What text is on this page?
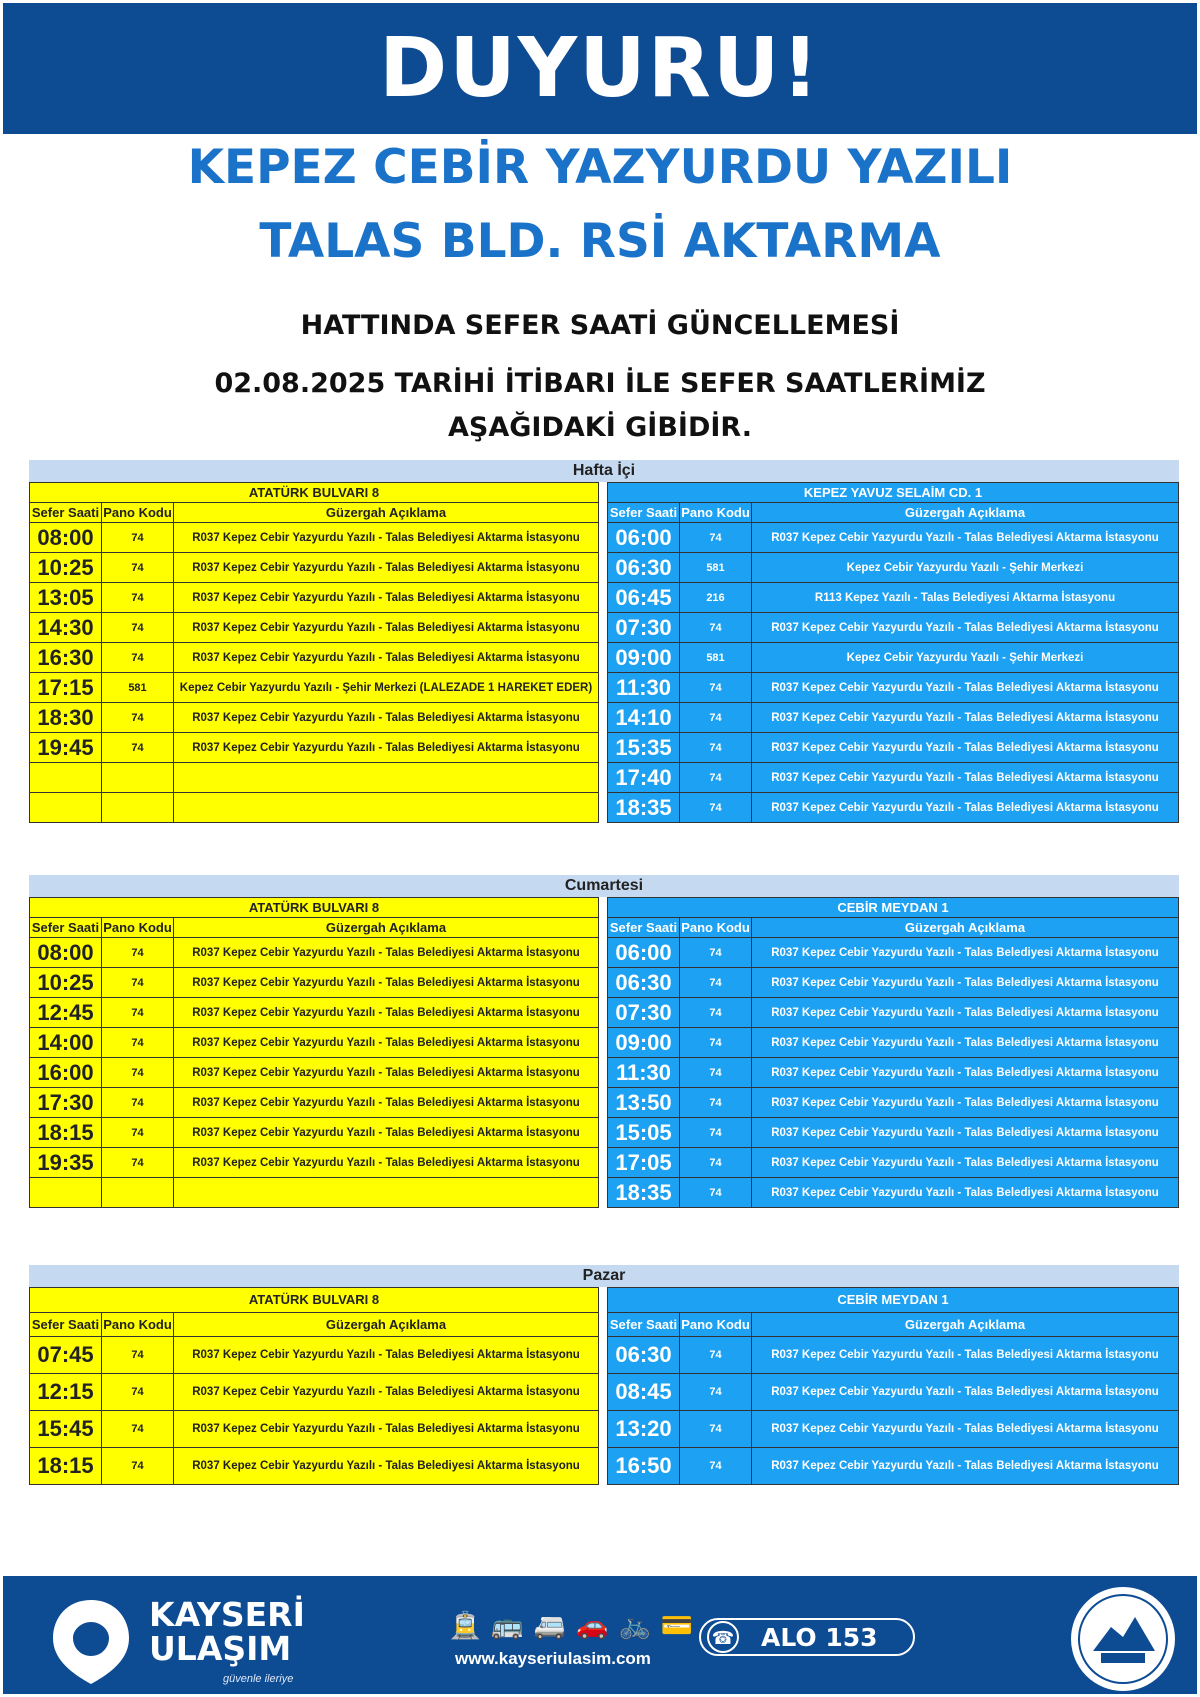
DUYURU!
KEPEZ CEBİR YAZYURDU YAZILI
TALAS BLD. RSİ AKTARMA
HATTINDA SEFER SAATİ GÜNCELLEMESİ
02.08.2025 TARİHİ İTİBARI İLE SEFER SAATLERİMİZ
AŞAĞIDAKİ GİBİDİR.
Hafta İçi
ATATÜRK BULVARI 8
Sefer Saati	Pano Kodu	Güzergah Açıklama
08:00	74	R037 Kepez Cebir Yazyurdu Yazılı - Talas Belediyesi Aktarma İstasyonu
10:25	74	R037 Kepez Cebir Yazyurdu Yazılı - Talas Belediyesi Aktarma İstasyonu
13:05	74	R037 Kepez Cebir Yazyurdu Yazılı - Talas Belediyesi Aktarma İstasyonu
14:30	74	R037 Kepez Cebir Yazyurdu Yazılı - Talas Belediyesi Aktarma İstasyonu
16:30	74	R037 Kepez Cebir Yazyurdu Yazılı - Talas Belediyesi Aktarma İstasyonu
17:15	581	Kepez Cebir Yazyurdu Yazılı - Şehir Merkezi (LALEZADE 1 HAREKET EDER)
18:30	74	R037 Kepez Cebir Yazyurdu Yazılı - Talas Belediyesi Aktarma İstasyonu
19:45	74	R037 Kepez Cebir Yazyurdu Yazılı - Talas Belediyesi Aktarma İstasyonu

KEPEZ YAVUZ SELAİM CD. 1
Sefer Saati	Pano Kodu	Güzergah Açıklama
06:00	74	R037 Kepez Cebir Yazyurdu Yazılı - Talas Belediyesi Aktarma İstasyonu
06:30	581	Kepez Cebir Yazyurdu Yazılı - Şehir Merkezi
06:45	216	R113 Kepez Yazılı - Talas Belediyesi Aktarma İstasyonu
07:30	74	R037 Kepez Cebir Yazyurdu Yazılı - Talas Belediyesi Aktarma İstasyonu
09:00	581	Kepez Cebir Yazyurdu Yazılı - Şehir Merkezi
11:30	74	R037 Kepez Cebir Yazyurdu Yazılı - Talas Belediyesi Aktarma İstasyonu
14:10	74	R037 Kepez Cebir Yazyurdu Yazılı - Talas Belediyesi Aktarma İstasyonu
15:35	74	R037 Kepez Cebir Yazyurdu Yazılı - Talas Belediyesi Aktarma İstasyonu
17:40	74	R037 Kepez Cebir Yazyurdu Yazılı - Talas Belediyesi Aktarma İstasyonu
18:35	74	R037 Kepez Cebir Yazyurdu Yazılı - Talas Belediyesi Aktarma İstasyonu
Cumartesi
ATATÜRK BULVARI 8
Sefer Saati	Pano Kodu	Güzergah Açıklama
08:00	74	R037 Kepez Cebir Yazyurdu Yazılı - Talas Belediyesi Aktarma İstasyonu
10:25	74	R037 Kepez Cebir Yazyurdu Yazılı - Talas Belediyesi Aktarma İstasyonu
12:45	74	R037 Kepez Cebir Yazyurdu Yazılı - Talas Belediyesi Aktarma İstasyonu
14:00	74	R037 Kepez Cebir Yazyurdu Yazılı - Talas Belediyesi Aktarma İstasyonu
16:00	74	R037 Kepez Cebir Yazyurdu Yazılı - Talas Belediyesi Aktarma İstasyonu
17:30	74	R037 Kepez Cebir Yazyurdu Yazılı - Talas Belediyesi Aktarma İstasyonu
18:15	74	R037 Kepez Cebir Yazyurdu Yazılı - Talas Belediyesi Aktarma İstasyonu
19:35	74	R037 Kepez Cebir Yazyurdu Yazılı - Talas Belediyesi Aktarma İstasyonu

CEBİR MEYDAN 1
Sefer Saati	Pano Kodu	Güzergah Açıklama
06:00	74	R037 Kepez Cebir Yazyurdu Yazılı - Talas Belediyesi Aktarma İstasyonu
06:30	74	R037 Kepez Cebir Yazyurdu Yazılı - Talas Belediyesi Aktarma İstasyonu
07:30	74	R037 Kepez Cebir Yazyurdu Yazılı - Talas Belediyesi Aktarma İstasyonu
09:00	74	R037 Kepez Cebir Yazyurdu Yazılı - Talas Belediyesi Aktarma İstasyonu
11:30	74	R037 Kepez Cebir Yazyurdu Yazılı - Talas Belediyesi Aktarma İstasyonu
13:50	74	R037 Kepez Cebir Yazyurdu Yazılı - Talas Belediyesi Aktarma İstasyonu
15:05	74	R037 Kepez Cebir Yazyurdu Yazılı - Talas Belediyesi Aktarma İstasyonu
17:05	74	R037 Kepez Cebir Yazyurdu Yazılı - Talas Belediyesi Aktarma İstasyonu
18:35	74	R037 Kepez Cebir Yazyurdu Yazılı - Talas Belediyesi Aktarma İstasyonu
Pazar
ATATÜRK BULVARI 8
Sefer Saati	Pano Kodu	Güzergah Açıklama
07:45	74	R037 Kepez Cebir Yazyurdu Yazılı - Talas Belediyesi Aktarma İstasyonu
12:15	74	R037 Kepez Cebir Yazyurdu Yazılı - Talas Belediyesi Aktarma İstasyonu
15:45	74	R037 Kepez Cebir Yazyurdu Yazılı - Talas Belediyesi Aktarma İstasyonu
18:15	74	R037 Kepez Cebir Yazyurdu Yazılı - Talas Belediyesi Aktarma İstasyonu
CEBİR MEYDAN 1
Sefer Saati	Pano Kodu	Güzergah Açıklama
06:30	74	R037 Kepez Cebir Yazyurdu Yazılı - Talas Belediyesi Aktarma İstasyonu
08:45	74	R037 Kepez Cebir Yazyurdu Yazılı - Talas Belediyesi Aktarma İstasyonu
13:20	74	R037 Kepez Cebir Yazyurdu Yazılı - Talas Belediyesi Aktarma İstasyonu
16:50	74	R037 Kepez Cebir Yazyurdu Yazılı - Talas Belediyesi Aktarma İstasyonu
KAYSERİ
ULAŞIM
güvenle ileriye
🚊 🚌 🚐 🚗 🚲 💳
www.kayseriulasim.com
☎ ALO 153
